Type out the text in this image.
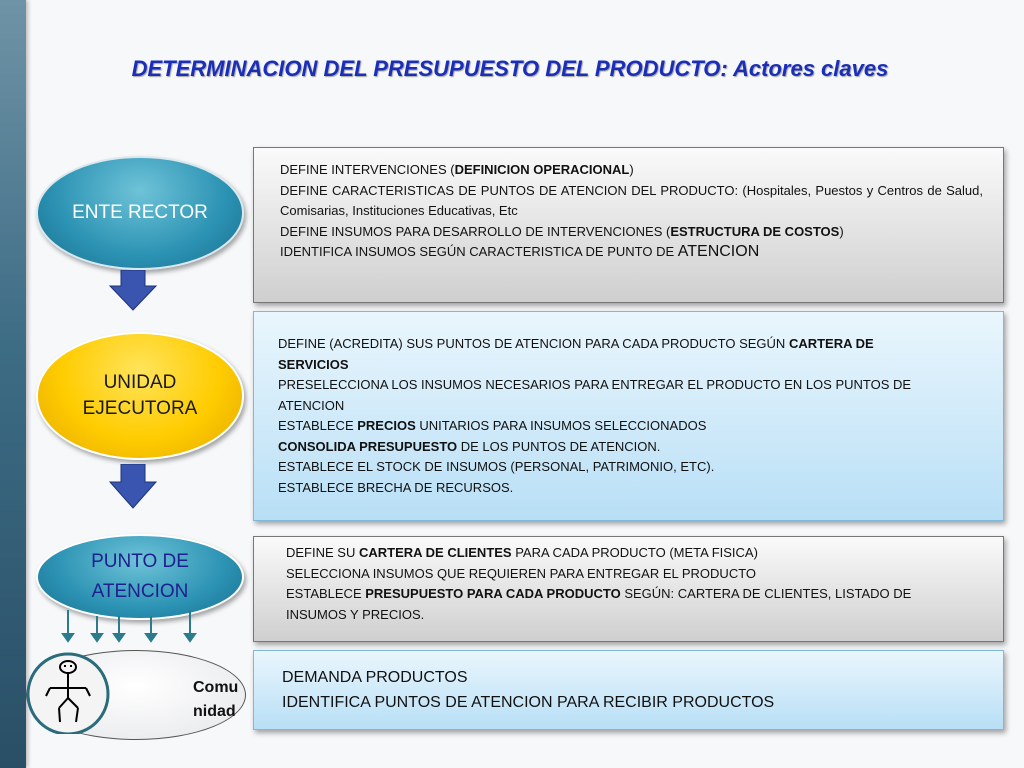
DETERMINACION DEL PRESUPUESTO DEL PRODUCTO: Actores claves
ENTE RECTOR
UNIDAD
EJECUTORA
PUNTO DE
ATENCION
Comu
nidad
DEFINE INTERVENCIONES (DEFINICION OPERACIONAL)
DEFINE CARACTERISTICAS DE PUNTOS DE ATENCION DEL PRODUCTO: (Hospitales, Puestos y Centros de Salud, Comisarias, Instituciones Educativas, Etc
DEFINE INSUMOS PARA DESARROLLO DE INTERVENCIONES (ESTRUCTURA DE COSTOS)
IDENTIFICA INSUMOS SEGÚN CARACTERISTICA DE PUNTO DE ATENCION
DEFINE (ACREDITA) SUS PUNTOS DE ATENCION PARA CADA PRODUCTO SEGÚN CARTERA DE SERVICIOS
PRESELECCIONA LOS INSUMOS NECESARIOS PARA ENTREGAR EL PRODUCTO EN LOS PUNTOS DE ATENCION
ESTABLECE PRECIOS UNITARIOS PARA INSUMOS SELECCIONADOS
CONSOLIDA PRESUPUESTO DE LOS PUNTOS DE ATENCION.
ESTABLECE EL STOCK DE INSUMOS (PERSONAL, PATRIMONIO, ETC).
ESTABLECE BRECHA DE RECURSOS.
DEFINE SU CARTERA DE CLIENTES PARA CADA PRODUCTO (META FISICA)
SELECCIONA INSUMOS QUE REQUIEREN PARA ENTREGAR EL PRODUCTO
ESTABLECE PRESUPUESTO PARA CADA PRODUCTO SEGÚN: CARTERA DE CLIENTES, LISTADO DE INSUMOS Y PRECIOS.
DEMANDA PRODUCTOS
IDENTIFICA PUNTOS DE ATENCION PARA RECIBIR PRODUCTOS
